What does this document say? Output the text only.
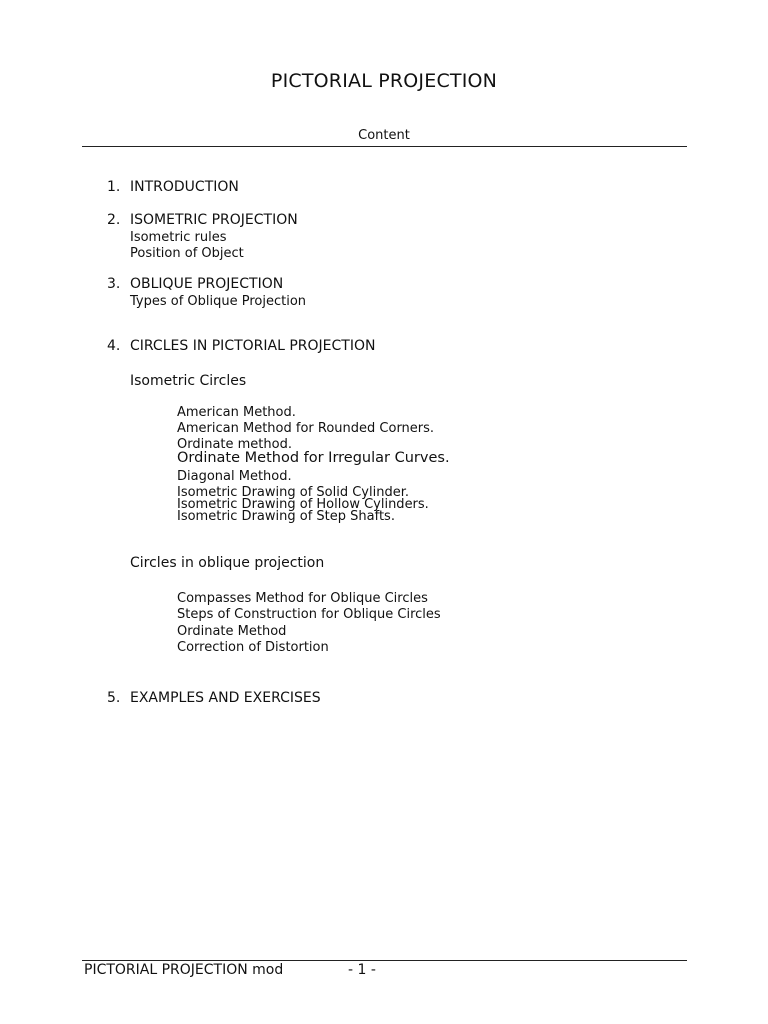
PICTORIAL PROJECTION
Content
1. INTRODUCTION
2. ISOMETRIC PROJECTION
Isometric rules
Position of Object
3. OBLIQUE PROJECTION
Types of Oblique Projection
4. CIRCLES IN PICTORIAL PROJECTION
Isometric Circles
American Method.
American Method for Rounded Corners.
Ordinate method.
Ordinate Method for Irregular Curves.
Diagonal Method.
Isometric Drawing of Solid Cylinder.
Isometric Drawing of Hollow Cylinders.
Isometric Drawing of Step Shafts.
Circles in oblique projection
Compasses Method for Oblique Circles
Steps of Construction for Oblique Circles
Ordinate Method
Correction of Distortion
5. EXAMPLES AND EXERCISES
PICTORIAL PROJECTION mod	- 1 -
